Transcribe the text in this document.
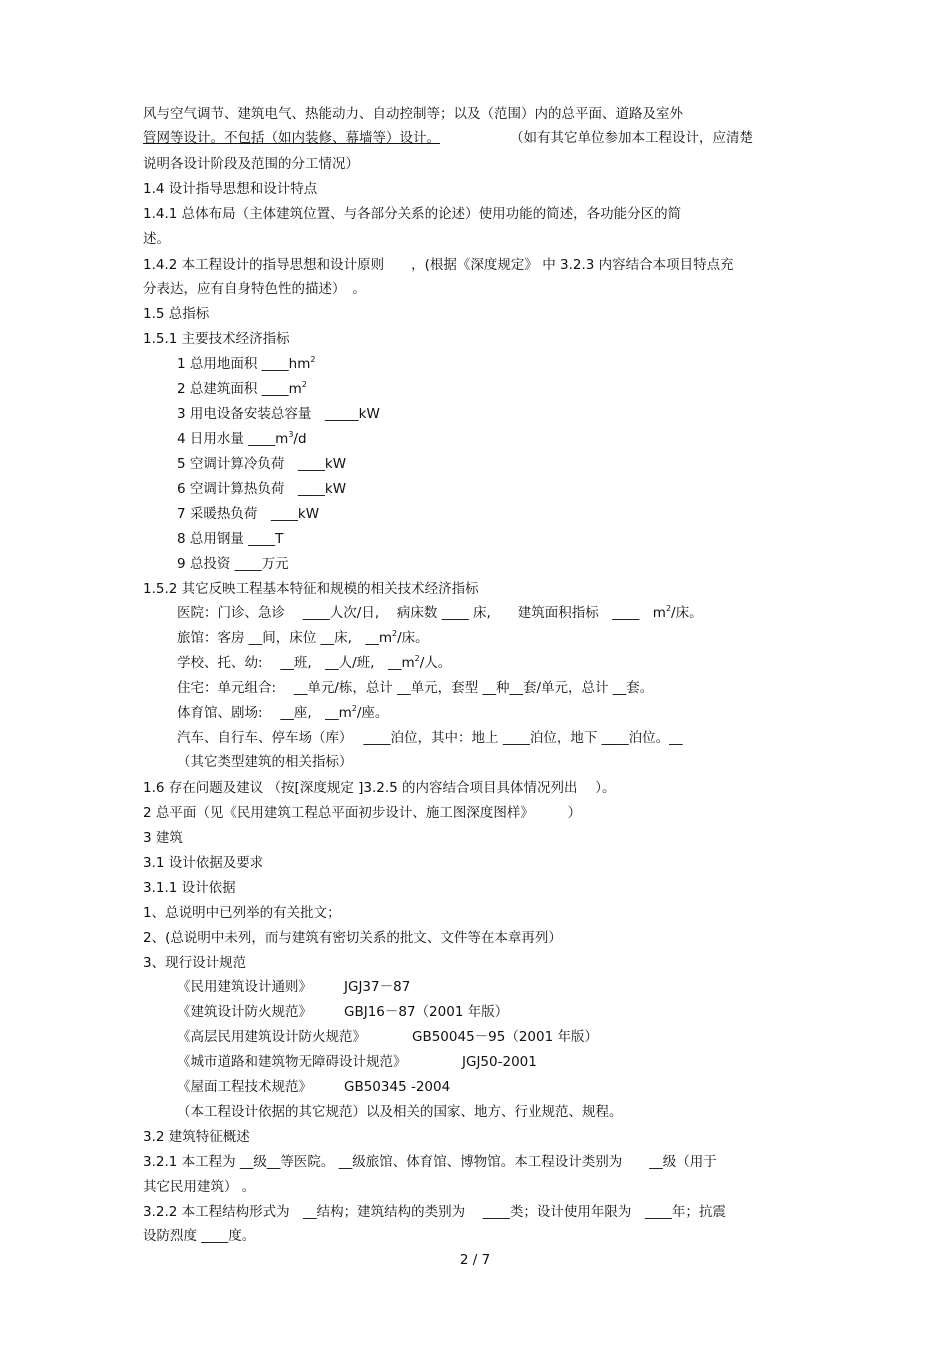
风与空气调节、建筑电气、热能动力、自动控制等；以及（范围）内的总平面、道路及室外
管网等设计。不包括（如内装修、幕墙等）设计。	（如有其它单位参加本工程设计，应清楚
说明各设计阶段及范围的分工情况）
1.4 设计指导思想和设计特点
1.4.1 总体布局（主体建筑位置、与各部分关系的论述）使用功能的简述，各功能分区的简
述。
1.4.2 本工程设计的指导思想和设计原则　　，(根据《深度规定》 中 3.2.3 内容结合本项目特点充
分表达，应有自身特色性的描述）　。
1.5 总指标
1.5.1 主要技术经济指标
1 总用地面积 $\_\_\_\_hm^2$
2 总建筑面积 $\_\_\_\_m^2$
3 用电设备安装总容量　_____kW
4 日用水量 $\_\_\_\_m^3/d$
5 空调计算冷负荷　____kW
6 空调计算热负荷　____kW
7 采暖热负荷　____kW
8 总用钢量 ____T
9 总投资 ____万元
1.5.2 其它反映工程基本特征和规模的相关技术经济指标
医院：门诊、急诊　 ____人次/日,　 病床数 ____ 床,　　建筑面积指标　____　$m^2/$床。
旅馆：客房 __间，床位 __床,　$\_\_m^2/$床。
学校、托、幼:　 __班,　__人/班,　$\_\_m^2/$人。
住宅：单元组合:　 __单元/栋，总计 __单元，套型 __种__套/单元，总计 __套。
体育馆、剧场:　 __座,　$\_\_m^2/$座。
汽车、自行车、停车场（库）　 ____泊位，其中：地上 ____泊位，地下 ____泊位。__
（其它类型建筑的相关指标）
1.6 存在问题及建议 （按[深度规定 ]3.2.5 的内容结合项目具体情况列出　 ）。
2 总平面（见《民用建筑工程总平面初步设计、施工图深度图样》　　　）
3 建筑
3.1 设计依据及要求
3.1.1 设计依据
1、总说明中已列举的有关批文；
2、(总说明中未列，而与建筑有密切关系的批文、文件等在本章再列）
3、现行设计规范
《民用建筑设计通则》 JGJ37－87
《建筑设计防火规范》 GBJ16－87（2001 年版）
《高层民用建筑设计防火规范》	GB50045－95（2001 年版）
《城市道路和建筑物无障碍设计规范》	JGJ50-2001
《屋面工程技术规范》 GB50345 -2004
（本工程设计依据的其它规范）以及相关的国家、地方、行业规范、规程。
3.2 建筑特征概述
3.2.1 本工程为 __级__等医院。 __级旅馆、体育馆、博物馆。本工程设计类别为　　__级（用于
其它民用建筑） 。
3.2.2 本工程结构形式为　__结构；建筑结构的类别为　 ____类；设计使用年限为　____年；抗震
设防烈度 ____度。
2 / 7
